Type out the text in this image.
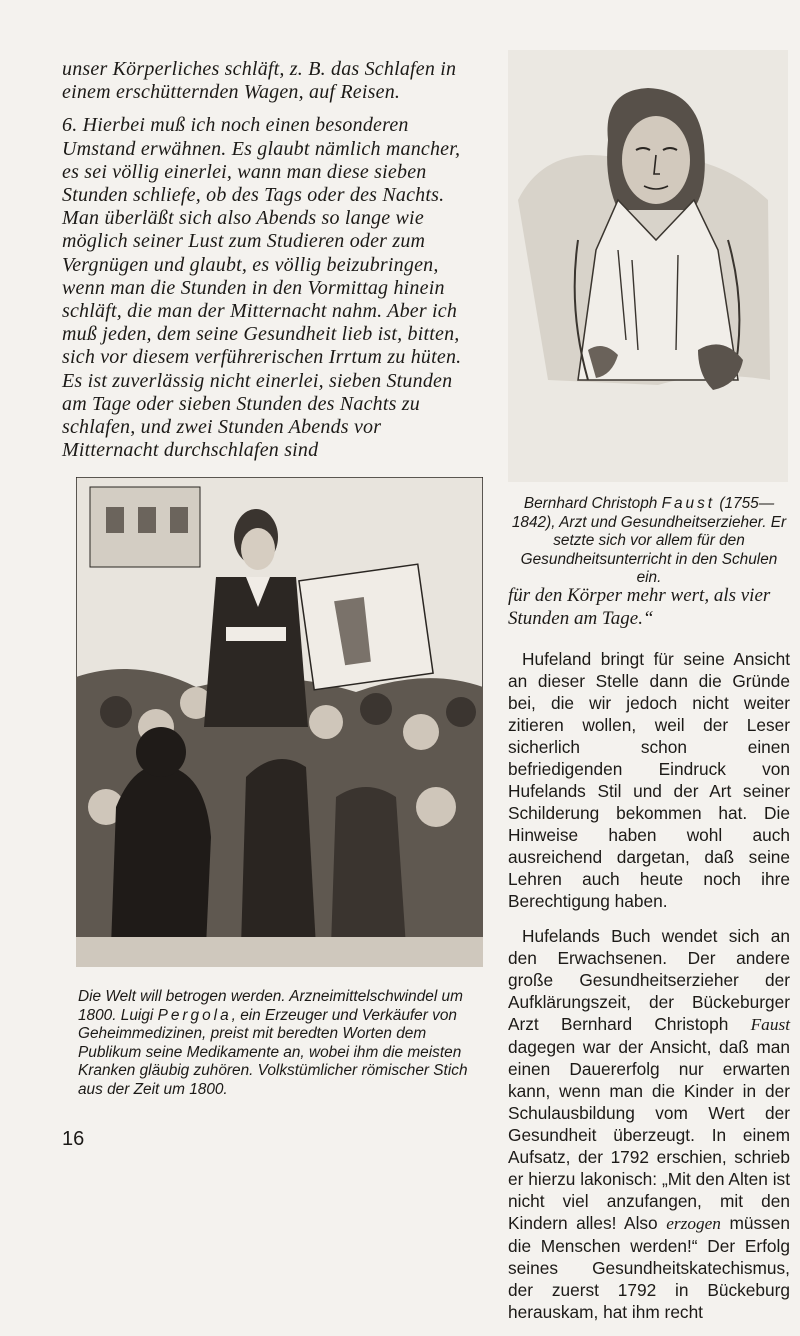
unser Körperliches schläft, z. B. das Schlafen in einem erschütternden Wagen, auf Reisen.

6. Hierbei muß ich noch einen besonderen Umstand erwähnen. Es glaubt nämlich mancher, es sei völlig einerlei, wann man diese sieben Stunden schliefe, ob des Tags oder des Nachts. Man überläßt sich also Abends so lange wie möglich seiner Lust zum Studieren oder zum Vergnügen und glaubt, es völlig beizubringen, wenn man die Stunden in den Vormittag hinein schläft, die man der Mitternacht nahm. Aber ich muß jeden, dem seine Gesundheit lieb ist, bitten, sich vor diesem verführerischen Irrtum zu hüten. Es ist zuverlässig nicht einerlei, sieben Stunden am Tage oder sieben Stunden des Nachts zu schlafen, und zwei Stunden Abends vor Mitternacht durchschlafen sind

Bernhard Christoph Faust (1755—1842), Arzt und Gesundheitserzieher. Er setzte sich vor allem für den Gesundheitsunterricht in den Schulen ein.
für den Körper mehr wert, als vier Stunden am Tage.“

Hufeland bringt für seine Ansicht an dieser Stelle dann die Gründe bei, die wir jedoch nicht weiter zitieren wollen, weil der Leser sicherlich schon einen befriedigenden Eindruck von Hufelands Stil und der Art seiner Schilderung bekommen hat. Die Hinweise haben wohl auch ausreichend dargetan, daß seine Lehren auch heute noch ihre Berechtigung haben.

Hufelands Buch wendet sich an den Erwachsenen. Der andere große Gesundheitserzieher der Aufklärungszeit, der Bückeburger Arzt Bernhard Christoph Faust dagegen war der Ansicht, daß man einen Dauererfolg nur erwarten kann, wenn man die Kinder in der Schulausbildung vom Wert der Gesundheit überzeugt. In einem Aufsatz, der 1792 erschien, schrieb er hierzu lakonisch: „Mit den Alten ist nicht viel anzufangen, mit den Kindern alles! Also erzogen müssen die Menschen werden!“ Der Erfolg seines Gesundheitskatechismus, der zuerst 1792 in Bückeburg herauskam, hat ihm recht

Die Welt will betrogen werden. Arzneimittelschwindel um 1800. Luigi Pergola, ein Erzeuger und Verkäufer von Geheimmedizinen, preist mit beredten Worten dem Publikum seine Medikamente an, wobei ihm die meisten Kranken gläubig zuhören. Volkstümlicher römischer Stich aus der Zeit um 1800.
16
